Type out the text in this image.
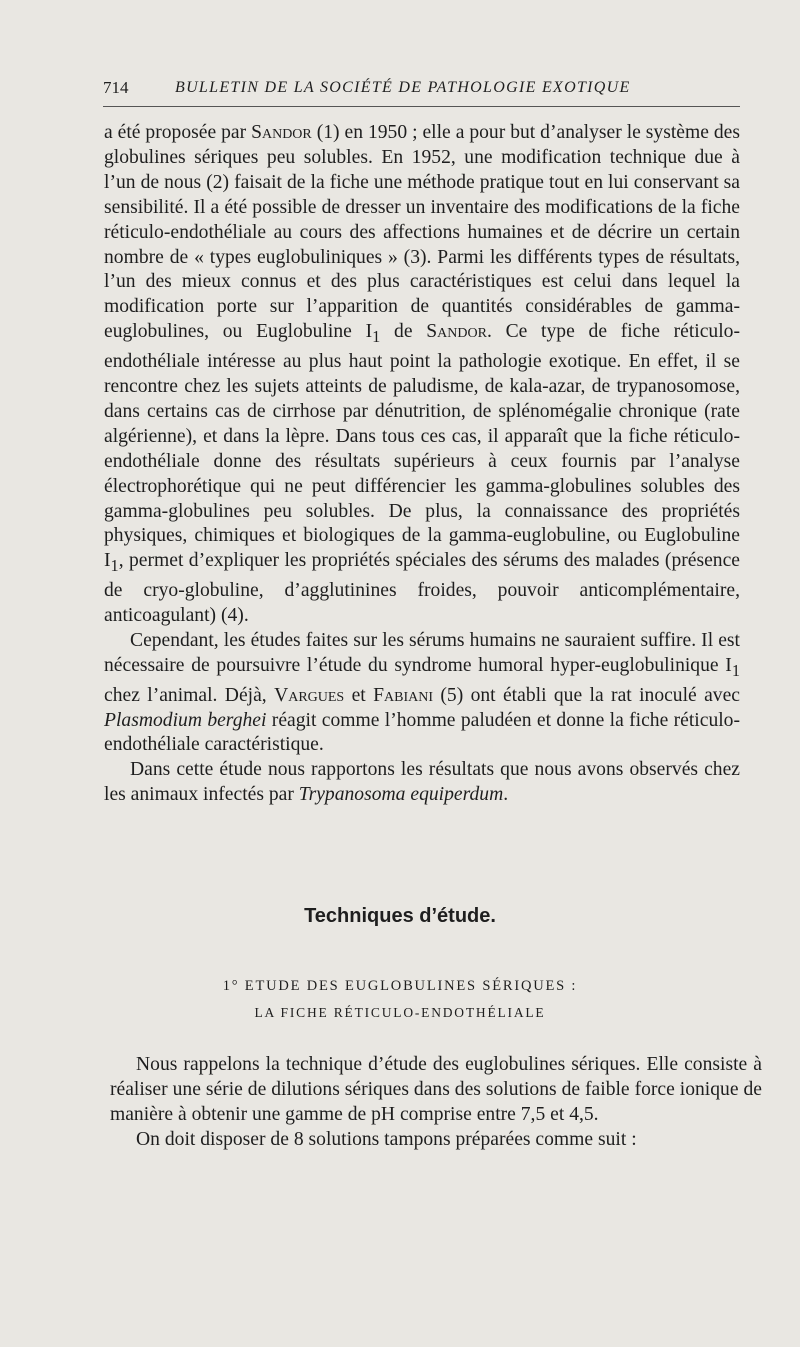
714	BULLETIN DE LA SOCIÉTÉ DE PATHOLOGIE EXOTIQUE

a été proposée par Sandor (1) en 1950 ; elle a pour but d’analyser le système des globulines sériques peu solubles. En 1952, une modification technique due à l’un de nous (2) faisait de la fiche une méthode pratique tout en lui conservant sa sensibilité. Il a été possible de dresser un inventaire des modifications de la fiche réticulo-endothéliale au cours des affections humaines et de décrire un certain nombre de « types euglobuliniques » (3). Parmi les différents types de résultats, l’un des mieux connus et des plus caractéristiques est celui dans lequel la modification porte sur l’apparition de quantités considérables de gamma-euglobulines, ou Euglobuline $I_1$ de Sandor. Ce type de fiche réticulo-endothéliale intéresse au plus haut point la pathologie exotique. En effet, il se rencontre chez les sujets atteints de paludisme, de kala-azar, de trypanosomose, dans certains cas de cirrhose par dénutrition, de splénomégalie chronique (rate algérienne), et dans la lèpre. Dans tous ces cas, il apparaît que la fiche réticulo-endothéliale donne des résultats supérieurs à ceux fournis par l’analyse électrophorétique qui ne peut différencier les gamma-globulines solubles des gamma-globulines peu solubles. De plus, la connaissance des propriétés physiques, chimiques et biologiques de la gamma-euglobuline, ou Euglobuline $I_1$, permet d’expliquer les propriétés spéciales des sérums des malades (présence de cryo-globuline, d’agglutinines froides, pouvoir anticomplémentaire, anticoagulant) (4).

Cependant, les études faites sur les sérums humains ne sauraient suffire. Il est nécessaire de poursuivre l’étude du syndrome humoral hyper-euglobulinique $I_1$ chez l’animal. Déjà, Vargues et Fabiani (5) ont établi que la rat inoculé avec Plasmodium berghei réagit comme l’homme paludéen et donne la fiche réticulo-endothéliale caractéristique.

Dans cette étude nous rapportons les résultats que nous avons observés chez les animaux infectés par Trypanosoma equiperdum.

Techniques d’étude.
1° ETUDE DES EUGLOBULINES SÉRIQUES :
LA FICHE RÉTICULO-ENDOTHÉLIALE

Nous rappelons la technique d’étude des euglobulines sériques. Elle consiste à réaliser une série de dilutions sériques dans des solutions de faible force ionique de manière à obtenir une gamme de pH comprise entre 7,5 et 4,5.

On doit disposer de 8 solutions tampons préparées comme suit :
